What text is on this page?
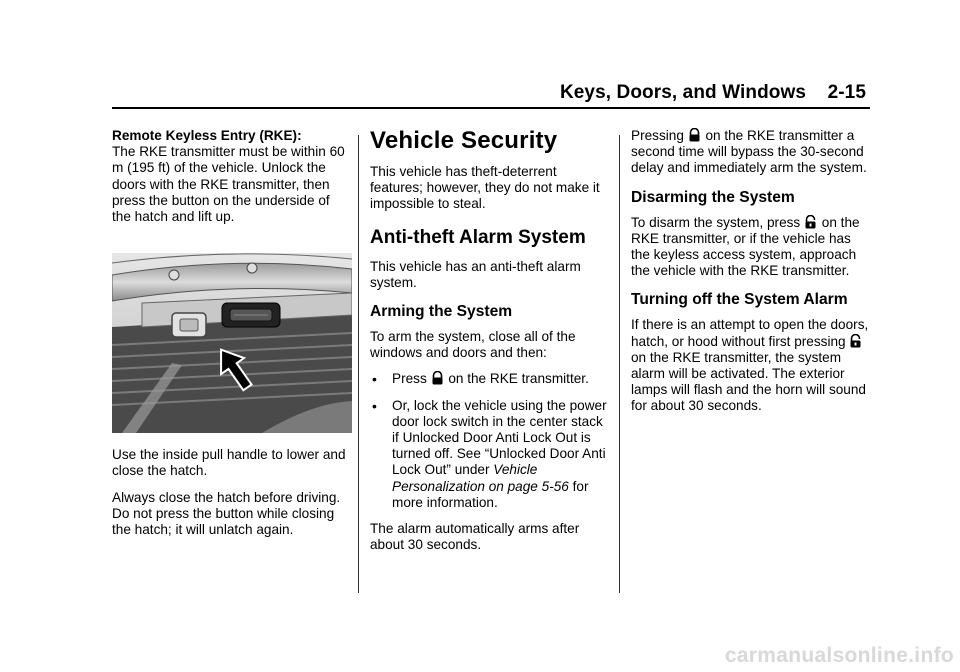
Keys, Doors, and Windows 2-15

Remote Keyless Entry (RKE):
The RKE transmitter must be within 60 m (195 ft) of the vehicle. Unlock the doors with the RKE transmitter, then press the button on the underside of the hatch and lift up.

Use the inside pull handle to lower and close the hatch.

Always close the hatch before driving. Do not press the button while closing the hatch; it will unlatch again.

Vehicle Security

This vehicle has theft-deterrent features; however, they do not make it impossible to steal.

Anti-theft Alarm System

This vehicle has an anti-theft alarm system.

Arming the System

To arm the system, close all of the windows and doors and then:

• Press on the RKE transmitter.
• Or, lock the vehicle using the power door lock switch in the center stack if Unlocked Door Anti Lock Out is turned off. See “Unlocked Door Anti Lock Out” under Vehicle Personalization on page 5-56 for more information.

The alarm automatically arms after about 30 seconds.

Pressing on the RKE transmitter a second time will bypass the 30-second delay and immediately arm the system.

Disarming the System

To disarm the system, press on the RKE transmitter, or if the vehicle has the keyless access system, approach the vehicle with the RKE transmitter.

Turning off the System Alarm

If there is an attempt to open the doors, hatch, or hood without first pressing
on the RKE transmitter, the system alarm will be activated. The exterior lamps will flash and the horn will sound for about 30 seconds.

carmanualsonline.info
